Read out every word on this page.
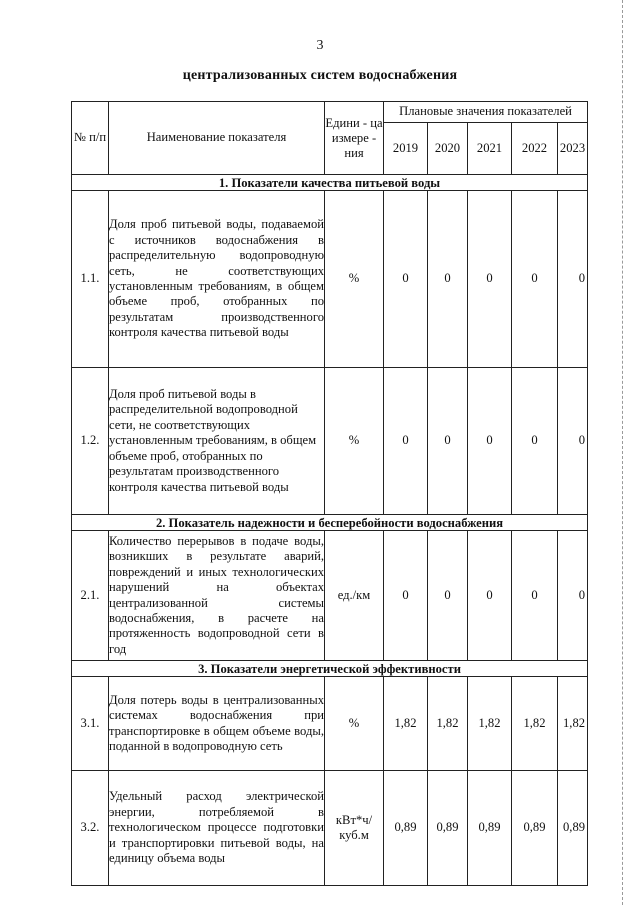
3
централизованных систем водоснабжения
№ п/п	Наименование показателя	Едини - ца измере - ния	Плановые значения показателей				
			2019	2020	2021	2022	2023
1. Показатели качества питьевой воды							
1.1.	Доля проб питьевой воды, подаваемой с источников водоснабжения в распределительную водопроводную сеть, не соответствующих установленным требованиям, в общем объеме проб, отобранных по результатам производственного контроля качества питьевой воды	%	0	0	0	0	0
1.2.	Доля проб питьевой воды в распределительной водопроводной сети, не соответствующих установленным требованиям, в общем объеме проб, отобранных по результатам производственного контроля качества питьевой воды	%	0	0	0	0	0
2. Показатель надежности и бесперебойности водоснабжения							
2.1.	Количество перерывов в подаче воды, возникших в результате аварий, повреждений и иных технологических нарушений на объектах централизованной системы водоснабжения, в расчете на протяженность водопроводной сети в год	ед./км	0	0	0	0	0
3. Показатели энергетической эффективности							
3.1.	Доля потерь воды в централизованных системах водоснабжения при транспортировке в общем объеме воды, поданной в водопроводную сеть	%	1,82	1,82	1,82	1,82	1,82
3.2.	Удельный расход электрической энергии, потребляемой в технологическом процессе подготовки и транспортировки питьевой воды, на единицу объема воды	кВт*ч/ куб.м	0,89	0,89	0,89	0,89	0,89
